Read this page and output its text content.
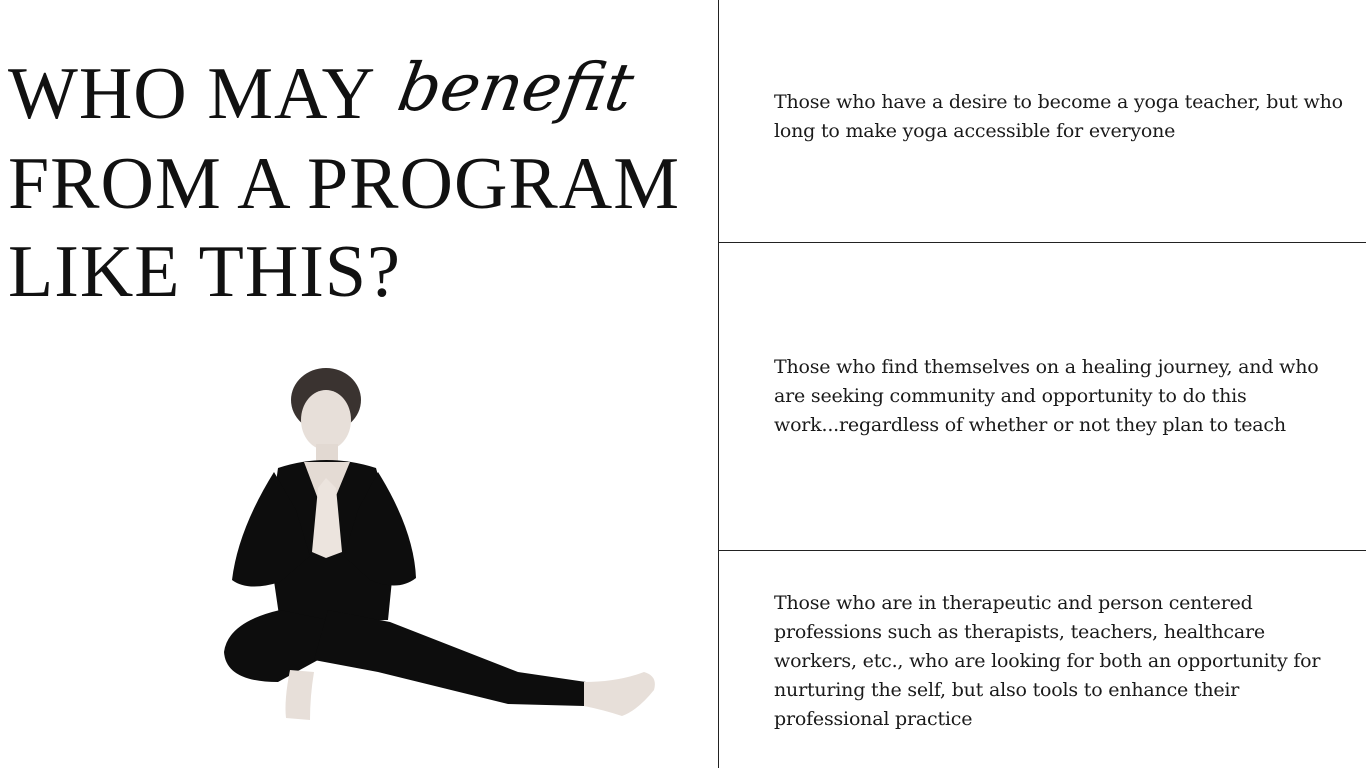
WHO MAY benefit
FROM A PROGRAM
LIKE THIS?

Those who have a desire to become a yoga teacher, but who long to make yoga accessible for everyone

Those who find themselves on a healing journey, and who are seeking community and opportunity to do this work...regardless of whether or not they plan to teach

Those who are in therapeutic and person centered professions such as therapists, teachers, healthcare workers, etc., who are looking for both an opportunity for nurturing the self, but also tools to enhance their professional practice
